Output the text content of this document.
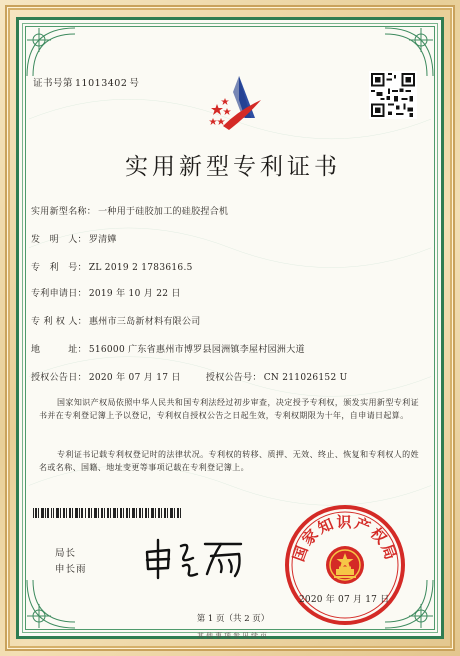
证书号第 11013402 号
实用新型专利证书
实用新型名称： 一种用于硅胶加工的硅胶捏合机
发　明　人： 罗清嬅
专　利　号： ZL 2019 2 1783616.5
专利申请日： 2019 年 10 月 22 日
专 利 权 人： 惠州市三岛新材料有限公司
地　　　址： 516000 广东省惠州市博罗县园洲镇李屋村园洲大道
授权公告日： 2020 年 07 月 17 日	授权公告号： CN 211026152 U
国家知识产权局依照中华人民共和国专利法经过初步审查，决定授予专利权，颁发实用新型专利证书并在专利登记簿上予以登记，专利权自授权公告之日起生效，专利权期限为十年，自申请日起算。
专利证书记载专利权登记时的法律状况。专利权的转移、质押、无效、终止、恢复和专利权人的姓名或名称、国籍、地址变更等事项记载在专利登记簿上。
局长
申长雨
国家知识产权局
2020 年 07 月 17 日
第 1 页（共 2 页）
其他事项参见续页
